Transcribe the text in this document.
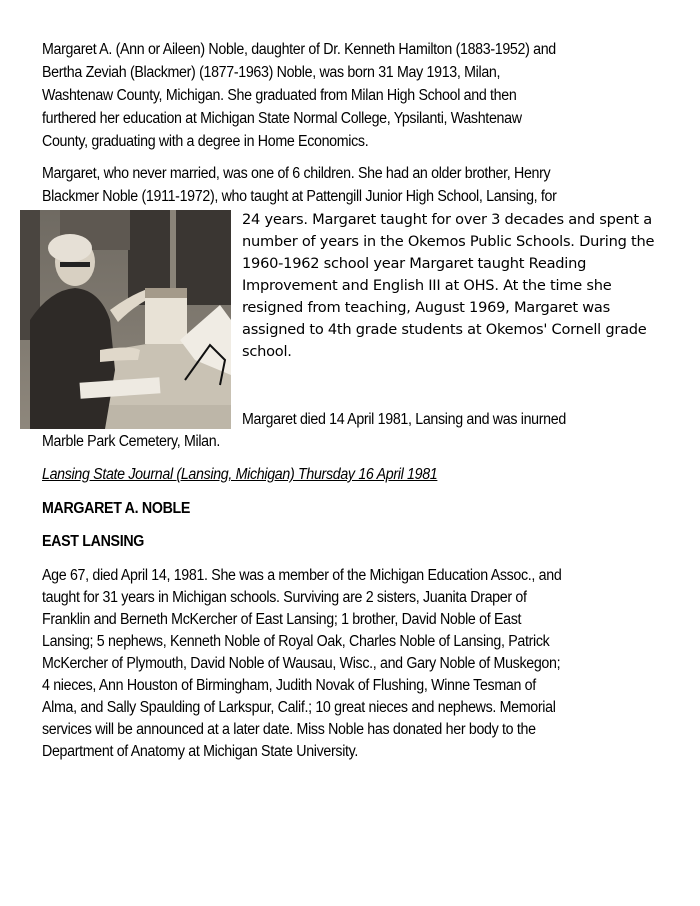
Margaret A. (Ann or Aileen) Noble, daughter of Dr. Kenneth Hamilton (1883-1952) and
Bertha Zeviah (Blackmer) (1877-1963) Noble, was born 31 May 1913, Milan,
Washtenaw County, Michigan. She graduated from Milan High School and then
furthered her education at Michigan State Normal College, Ypsilanti, Washtenaw
County, graduating with a degree in Home Economics.
Margaret, who never married, was one of 6 children. She had an older brother, Henry
Blackmer Noble (1911-1972), who taught at Pattengill Junior High School, Lansing, for
24 years. Margaret taught for over 3 decades and spent a
number of years in the Okemos Public Schools. During the
1960-1962 school year Margaret taught Reading
Improvement and English III at OHS. At the time she
resigned from teaching, August 1969, Margaret was
assigned to 4th grade students at Okemos' Cornell grade
school.
Margaret died 14 April 1981, Lansing and was inurned
Marble Park Cemetery, Milan.
Lansing State Journal (Lansing, Michigan) Thursday 16 April 1981
MARGARET A. NOBLE
EAST LANSING
Age 67, died April 14, 1981. She was a member of the Michigan Education Assoc., and
taught for 31 years in Michigan schools. Surviving are 2 sisters, Juanita Draper of
Franklin and Berneth McKercher of East Lansing; 1 brother, David Noble of East
Lansing; 5 nephews, Kenneth Noble of Royal Oak, Charles Noble of Lansing, Patrick
McKercher of Plymouth, David Noble of Wausau, Wisc., and Gary Noble of Muskegon;
4 nieces, Ann Houston of Birmingham, Judith Novak of Flushing, Winne Tesman of
Alma, and Sally Spaulding of Larkspur, Calif.; 10 great nieces and nephews. Memorial
services will be announced at a later date. Miss Noble has donated her body to the
Department of Anatomy at Michigan State University.
